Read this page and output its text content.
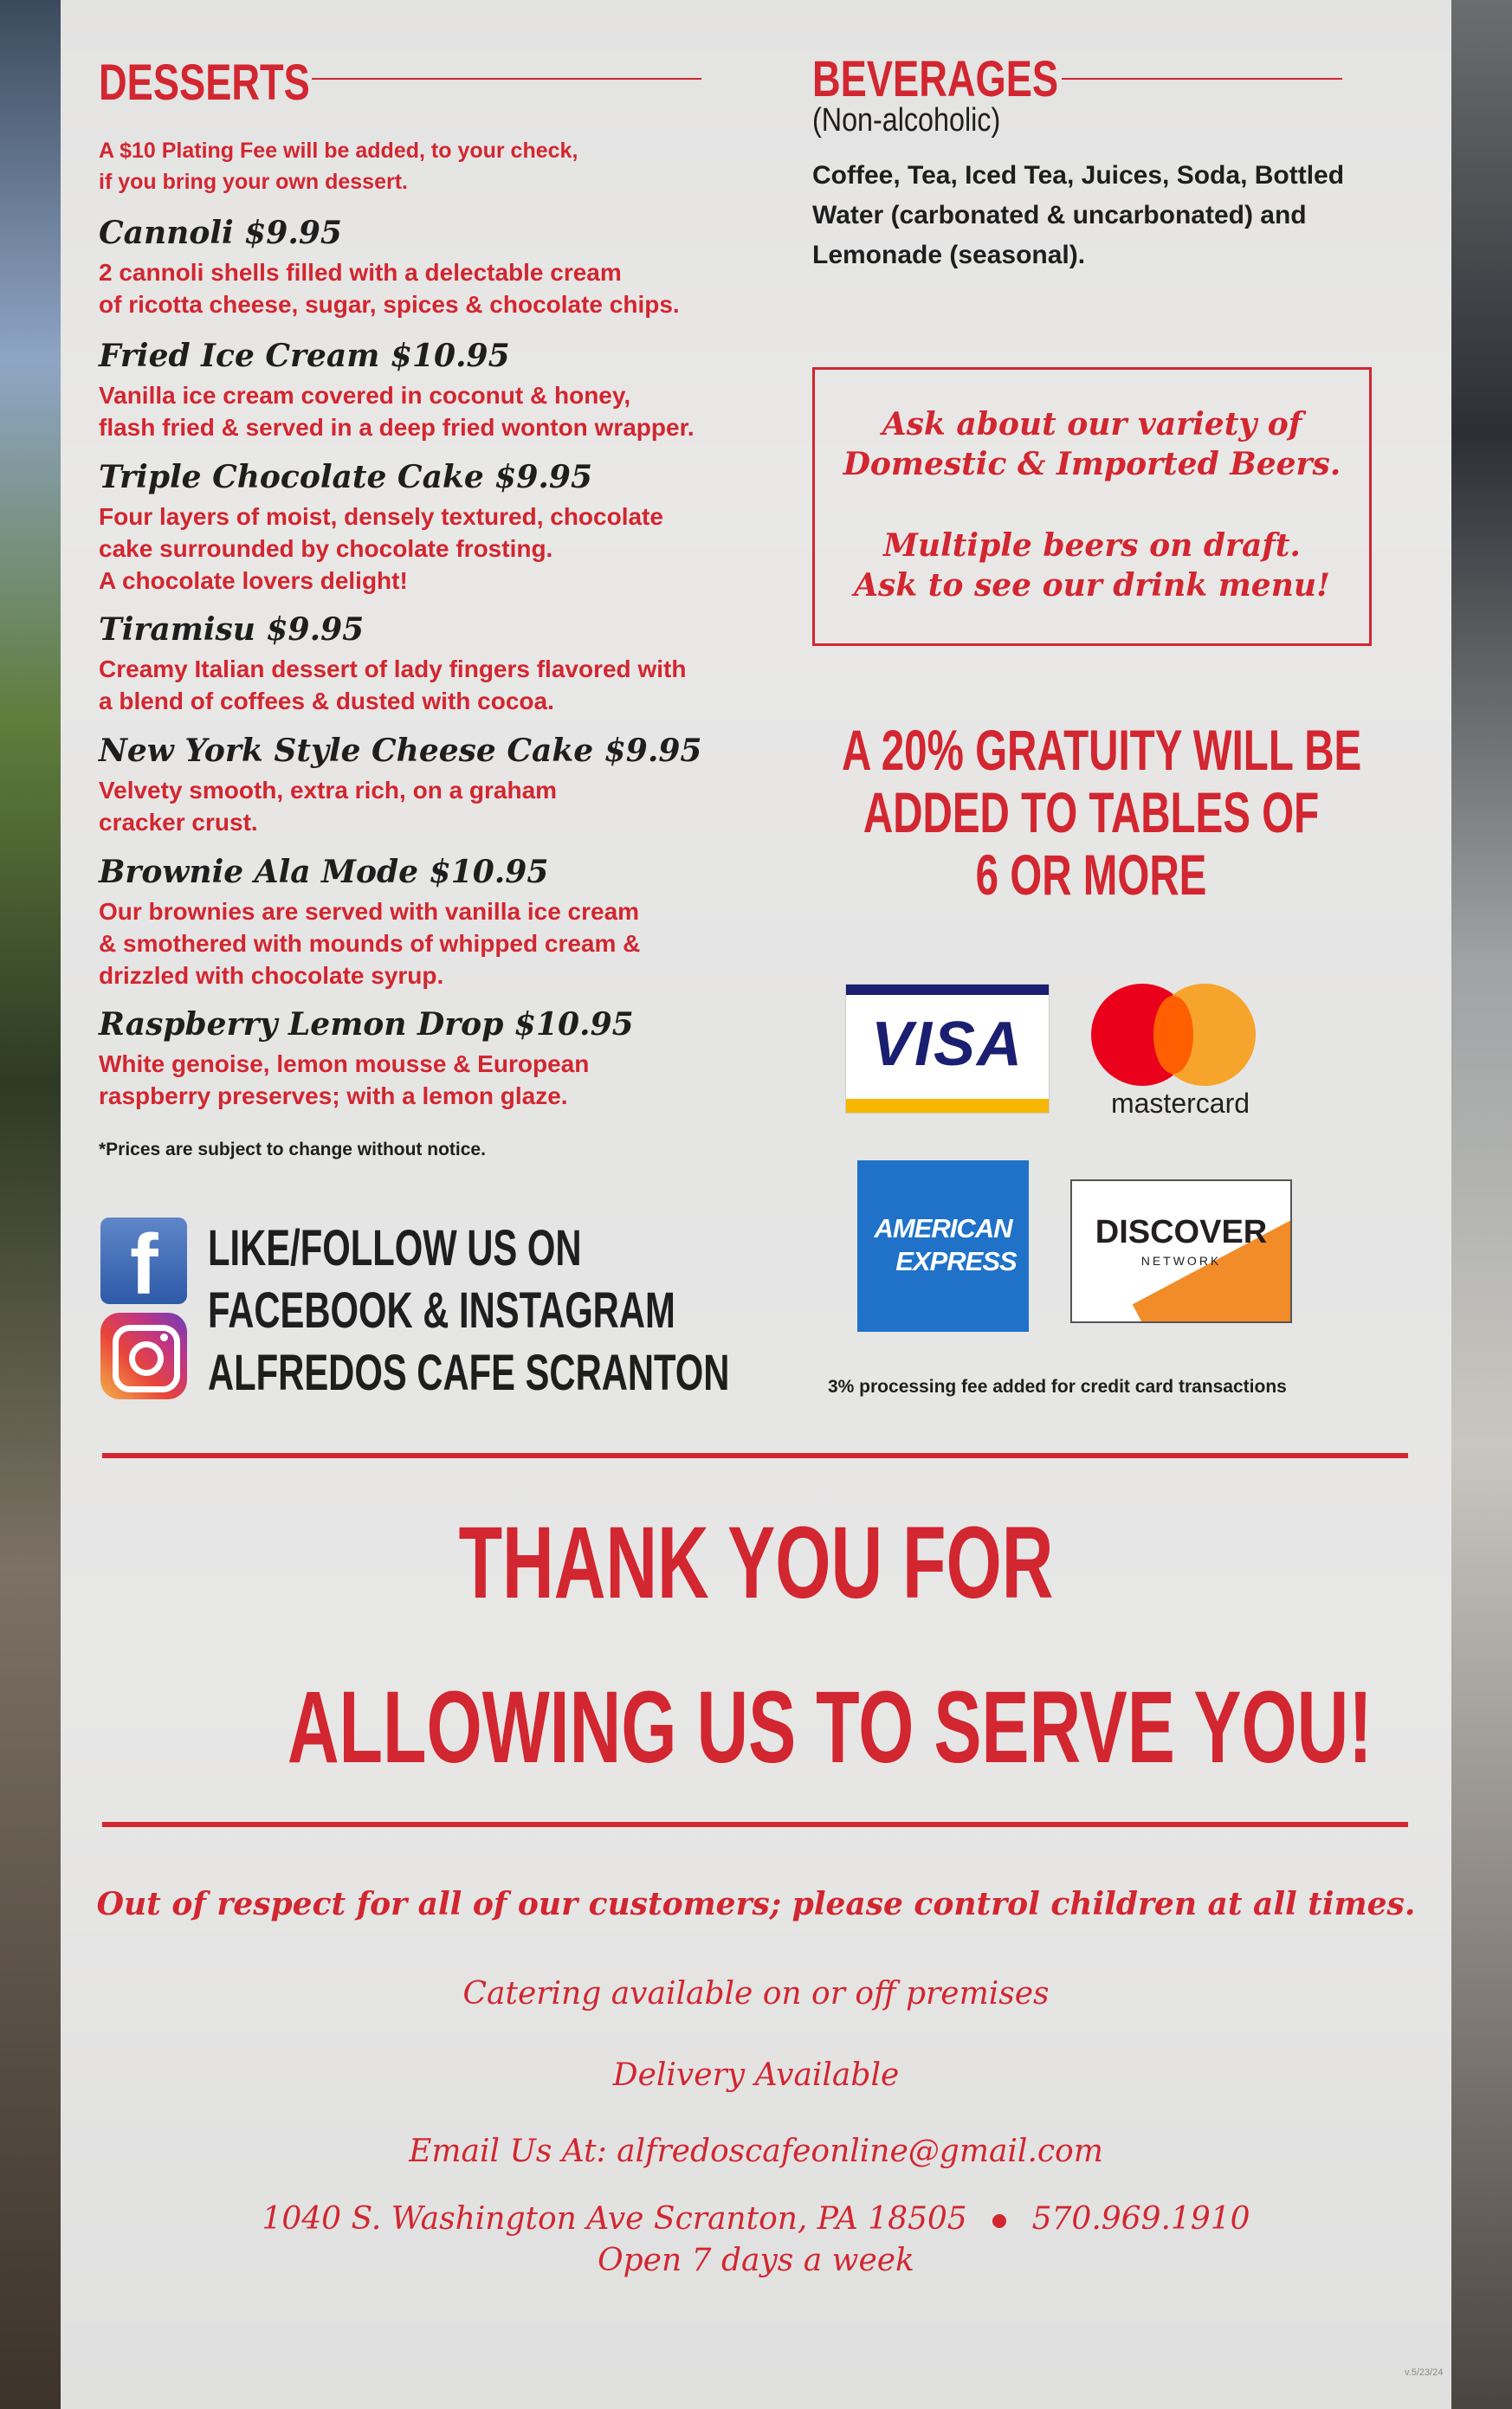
DESSERTS
A $10 Plating Fee will be added, to your check,
if you bring your own dessert.
Cannoli $9.95
2 cannoli shells filled with a delectable cream
of ricotta cheese, sugar, spices & chocolate chips.
Fried Ice Cream $10.95
Vanilla ice cream covered in coconut & honey,
flash fried & served in a deep fried wonton wrapper.
Triple Chocolate Cake $9.95
Four layers of moist, densely textured, chocolate
cake surrounded by chocolate frosting.
A chocolate lovers delight!
Tiramisu $9.95
Creamy Italian dessert of lady fingers flavored with
a blend of coffees & dusted with cocoa.
New York Style Cheese Cake $9.95
Velvety smooth, extra rich, on a graham
cracker crust.
Brownie Ala Mode $10.95
Our brownies are served with vanilla ice cream
& smothered with mounds of whipped cream &
drizzled with chocolate syrup.
Raspberry Lemon Drop $10.95
White genoise, lemon mousse & European
raspberry preserves; with a lemon glaze.
*Prices are subject to change without notice.
f LIKE/FOLLOW US ON
FACEBOOK & INSTAGRAM
ALFREDOS CAFE SCRANTON
BEVERAGES
(Non-alcoholic)
Coffee, Tea, Iced Tea, Juices, Soda, Bottled
Water (carbonated & uncarbonated) and
Lemonade (seasonal).
Ask about our variety of
Domestic & Imported Beers.
Multiple beers on draft.
Ask to see our drink menu!
A 20% GRATUITY WILL BE
ADDED TO TABLES OF
6 OR MORE
VISA
mastercard
AMERICAN
EXPRESS
DISCOVER
NETWORK
3% processing fee added for credit card transactions
THANK YOU FOR
ALLOWING US TO SERVE YOU!
Out of respect for all of our customers; please control children at all times.
Catering available on or off premises
Delivery Available
Email Us At: alfredoscafeonline@gmail.com
1040 S. Washington Ave Scranton, PA 18505 570.969.1910
Open 7 days a week
v.5/23/24
